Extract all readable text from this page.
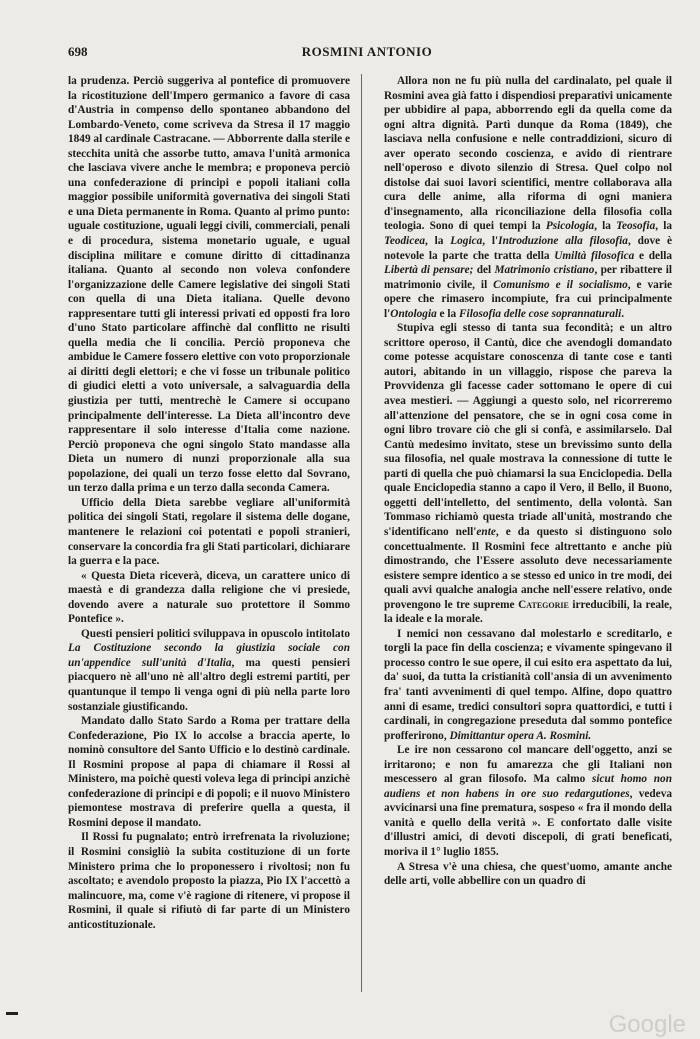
698	ROSMINI ANTONIO

la prudenza. Perciò suggeriva al pontefice di promuovere la ricostituzione dell'Impero germanico a favore di casa d'Austria in compenso dello spontaneo abbandono del Lombardo-Veneto, come scriveva da Stresa il 17 maggio 1849 al cardinale Castracane. — Abborrente dalla sterile e stecchita unità che assorbe tutto, amava l'unità armonica che lasciava vivere anche le membra; e proponeva perciò una confederazione di principi e popoli italiani colla maggior possibile uniformità governativa dei singoli Stati e una Dieta permanente in Roma. Quanto al primo punto: uguale costituzione, uguali leggi civili, commerciali, penali e di procedura, sistema monetario uguale, e ugual disciplina militare e comune diritto di cittadinanza italiana. Quanto al secondo non voleva confondere l'organizzazione delle Camere legislative dei singoli Stati con quella di una Dieta italiana. Quelle devono rappresentare tutti gli interessi privati ed opposti fra loro d'uno Stato particolare affinchè dal conflitto ne risulti quella media che li concilia. Perciò proponeva che ambidue le Camere fossero elettive con voto proporzionale ai diritti degli elettori; e che vi fosse un tribunale politico di giudici eletti a voto universale, a salvaguardia della giustizia per tutti, mentrechè le Camere si occupano principalmente dell'interesse. La Dieta all'incontro deve rappresentare il solo interesse d'Italia come nazione. Perciò proponeva che ogni singolo Stato mandasse alla Dieta un numero di nunzi proporzionale alla sua popolazione, dei quali un terzo fosse eletto dal Sovrano, un terzo dalla prima e un terzo dalla seconda Camera.

Ufficio della Dieta sarebbe vegliare all'uniformità politica dei singoli Stati, regolare il sistema delle dogane, mantenere le relazioni coi potentati e popoli stranieri, conservare la concordia fra gli Stati particolari, dichiarare la guerra e la pace.

« Questa Dieta riceverà, diceva, un carattere unico di maestà e di grandezza dalla religione che vi presiede, dovendo avere a naturale suo protettore il Sommo Pontefice ».

Questi pensieri politici sviluppava in opuscolo intitolato La Costituzione secondo la giustizia sociale con un'appendice sull'unità d'Italia, ma questi pensieri piacquero nè all'uno nè all'altro degli estremi partiti, per quantunque il tempo li venga ogni dì più nella parte loro sostanziale giustificando.

Mandato dallo Stato Sardo a Roma per trattare della Confederazione, Pio IX lo accolse a braccia aperte, lo nominò consultore del Santo Ufficio e lo destinò cardinale. Il Rosmini propose al papa di chiamare il Rossi al Ministero, ma poichè questi voleva lega di principi anzichè confederazione di principi e di popoli; e il nuovo Ministero piemontese mostrava di preferire quella a questa, il Rosmini depose il mandato.

Il Rossi fu pugnalato; entrò irrefrenata la rivoluzione; il Rosmini consigliò la subita costituzione di un forte Ministero prima che lo proponessero i rivoltosi; non fu ascoltato; e avendolo proposto la piazza, Pio IX l'accettò a malincuore, ma, come v'è ragione di ritenere, vi propose il Rosmini, il quale si rifiutò di far parte di un Ministero anticostituzionale.

Allora non ne fu più nulla del cardinalato, pel quale il Rosmini avea già fatto i dispendiosi preparativi unicamente per ubbidire al papa, abborrendo egli da quella come da ogni altra dignità. Partì dunque da Roma (1849), che lasciava nella confusione e nelle contraddizioni, sicuro di aver operato secondo coscienza, e avido di rientrare nell'operoso e divoto silenzio di Stresa. Quel colpo nol distolse dai suoi lavori scientifici, mentre collaborava alla cura delle anime, alla riforma di ogni maniera d'insegnamento, alla riconciliazione della filosofia colla teologia. Sono di quei tempi la Psicologia, la Teosofia, la Teodicea, la Logica, l'Introduzione alla filosofia, dove è notevole la parte che tratta della Umiltà filosofica e della Libertà di pensare; del Matrimonio cristiano, per ribattere il matrimonio civile, il Comunismo e il socialismo, e varie opere che rimasero incompiute, fra cui principalmente l'Ontologia e la Filosofia delle cose soprannaturali.

Stupiva egli stesso di tanta sua fecondità; e un altro scrittore operoso, il Cantù, dice che avendogli domandato come potesse acquistare conoscenza di tante cose e tanti autori, abitando in un villaggio, rispose che pareva la Provvidenza gli facesse cader sottomano le opere di cui avea mestieri. — Aggiungi a questo solo, nel ricorreremo all'attenzione del pensatore, che se in ogni cosa come in ogni libro trovare ciò che gli si confà, e assimilarselo. Dal Cantù medesimo invitato, stese un brevissimo sunto della sua filosofia, nel quale mostrava la connessione di tutte le parti di quella che può chiamarsi la sua Enciclopedia. Della quale Enciclopedia stanno a capo il Vero, il Bello, il Buono, oggetti dell'intelletto, del sentimento, della volontà. San Tommaso richiamò questa triade all'unità, mostrando che s'identificano nell'ente, e da questo si distinguono solo concettualmente. Il Rosmini fece altrettanto e anche più dimostrando, che l'Essere assoluto deve necessariamente esistere sempre identico a se stesso ed unico in tre modi, dei quali avvi qualche analogia anche nell'essere relativo, onde provengono le tre supreme Categorie irreducibili, la reale, la ideale e la morale.

I nemici non cessavano dal molestarlo e screditarlo, e torgli la pace fin della coscienza; e vivamente spingevano il processo contro le sue opere, il cui esito era aspettato da lui, da' suoi, da tutta la cristianità coll'ansia di un avvenimento fra' tanti avvenimenti di quel tempo. Alfine, dopo quattro anni di esame, tredici consultori sopra quattordici, e tutti i cardinali, in congregazione preseduta dal sommo pontefice profferirono, Dimittantur opera A. Rosmini.

Le ire non cessarono col mancare dell'oggetto, anzi se irritarono; e non fu amarezza che gli Italiani non mescessero al gran filosofo. Ma calmo sicut homo non audiens et non habens in ore suo redargutiones, vedeva avvicinarsi una fine prematura, sospeso « fra il mondo della vanità e quello della verità ». E confortato dalle visite d'illustri amici, di devoti discepoli, di grati beneficati, moriva il 1° luglio 1855.

A Stresa v'è una chiesa, che quest'uomo, amante anche delle arti, volle abbellire con un quadro di

Google
